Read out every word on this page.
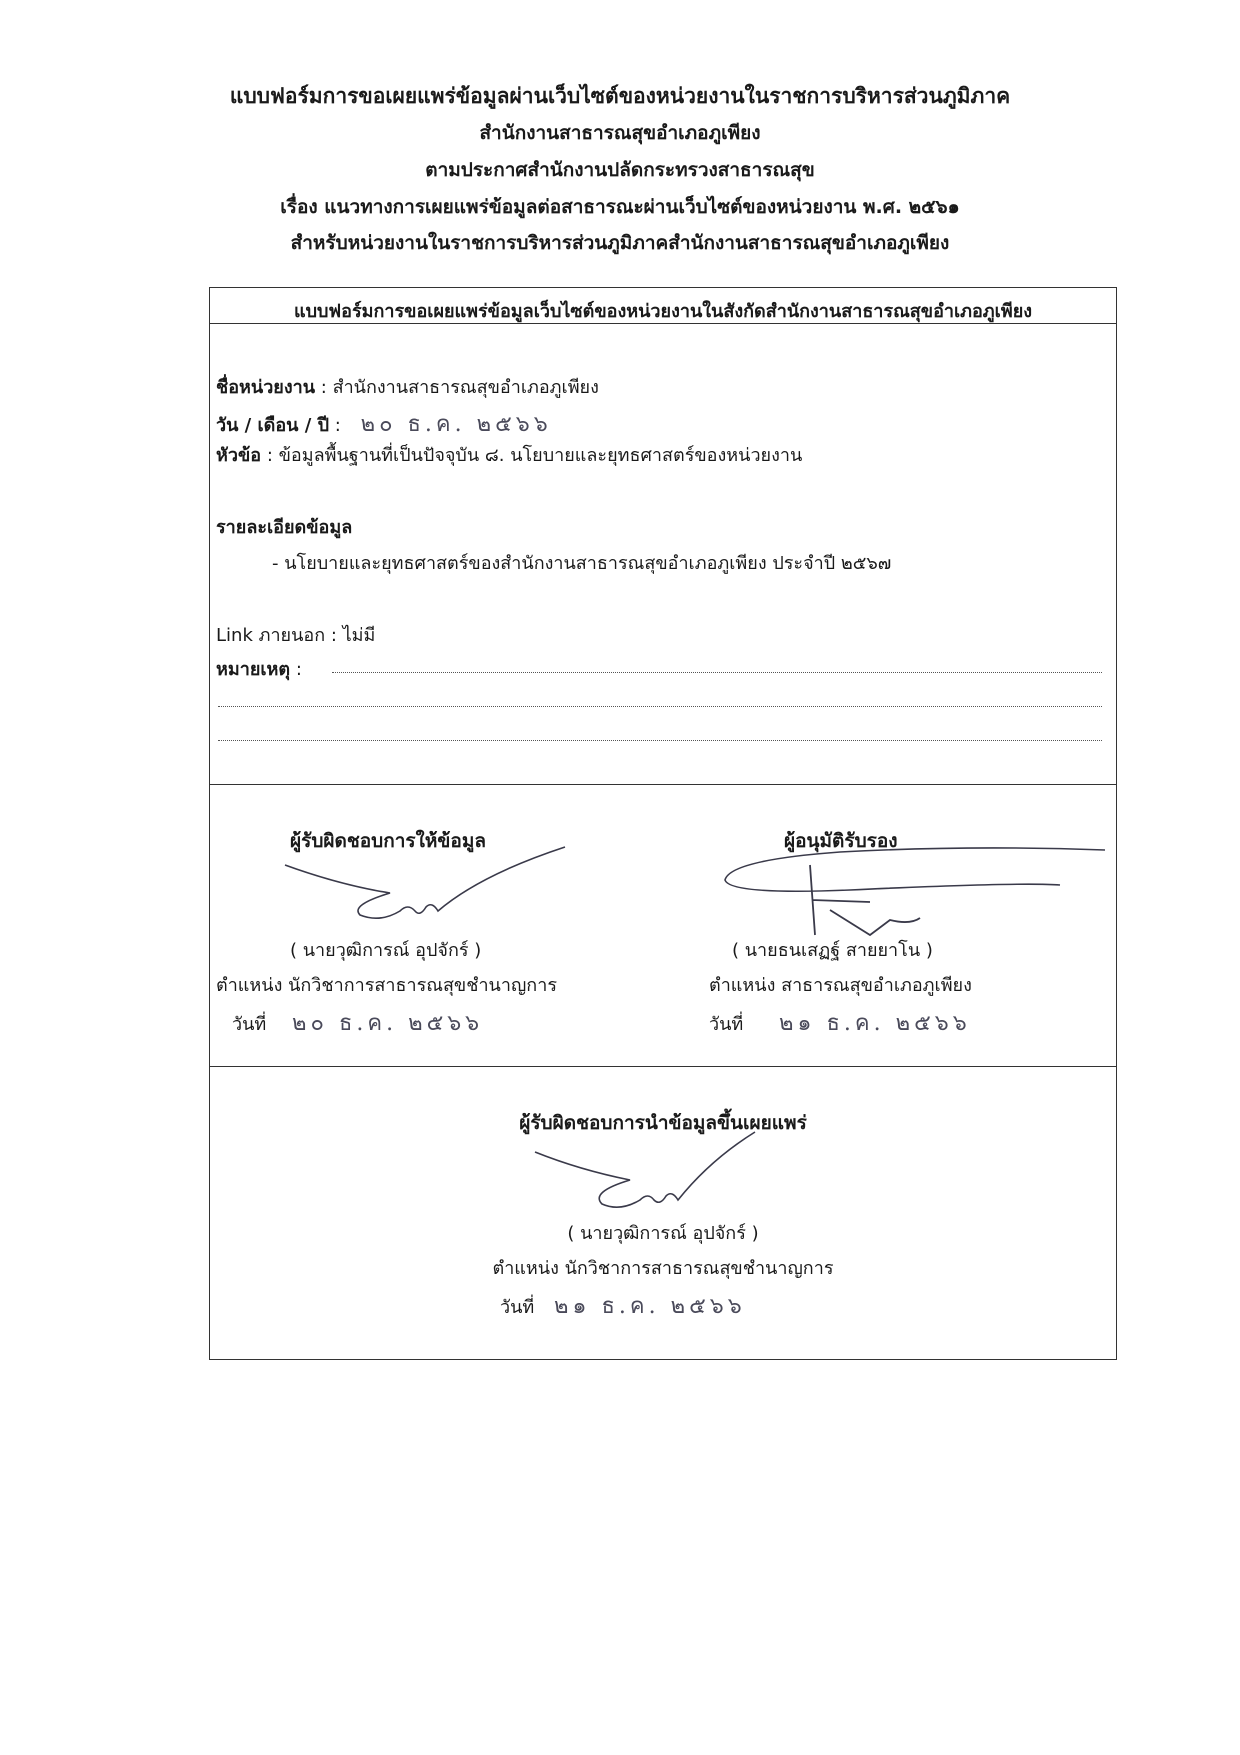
แบบฟอร์มการขอเผยแพร่ข้อมูลผ่านเว็บไซต์ของหน่วยงานในราชการบริหารส่วนภูมิภาค
สำนักงานสาธารณสุขอำเภอภูเพียง
ตามประกาศสำนักงานปลัดกระทรวงสาธารณสุข
เรื่อง แนวทางการเผยแพร่ข้อมูลต่อสาธารณะผ่านเว็บไซต์ของหน่วยงาน พ.ศ. ๒๕๖๑
สำหรับหน่วยงานในราชการบริหารส่วนภูมิภาคสำนักงานสาธารณสุขอำเภอภูเพียง
แบบฟอร์มการขอเผยแพร่ข้อมูลเว็บไซต์ของหน่วยงานในสังกัดสำนักงานสาธารณสุขอำเภอภูเพียง
ชื่อหน่วยงาน : สำนักงานสาธารณสุขอำเภอภูเพียง
วัน / เดือน / ปี : ๒๐ ธ.ค. ๒๕๖๖
หัวข้อ : ข้อมูลพื้นฐานที่เป็นปัจจุบัน ๘. นโยบายและยุทธศาสตร์ของหน่วยงาน
รายละเอียดข้อมูล
- นโยบายและยุทธศาสตร์ของสำนักงานสาธารณสุขอำเภอภูเพียง ประจำปี ๒๕๖๗
Link ภายนอก : ไม่มี
หมายเหตุ :
ผู้รับผิดชอบการให้ข้อมูล
( นายวุฒิการณ์ อุปจักร์ )
ตำแหน่ง นักวิชาการสาธารณสุขชำนาญการ
วันที่ ๒๐ ธ.ค. ๒๕๖๖
ผู้อนุมัติรับรอง
( นายธนเสฏฐ์ สายยาโน )
ตำแหน่ง สาธารณสุขอำเภอภูเพียง
วันที่ ๒๑ ธ.ค. ๒๕๖๖
ผู้รับผิดชอบการนำข้อมูลขึ้นเผยแพร่
( นายวุฒิการณ์ อุปจักร์ )
ตำแหน่ง นักวิชาการสาธารณสุขชำนาญการ
วันที่ ๒๑ ธ.ค. ๒๕๖๖
